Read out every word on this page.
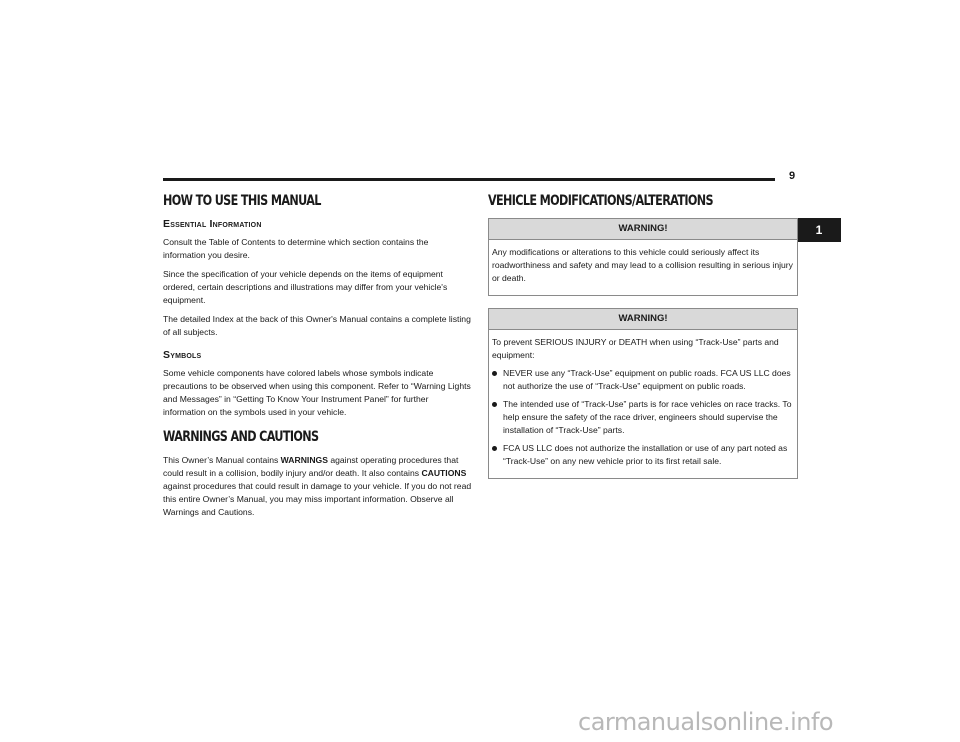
9
1
HOW TO USE THIS MANUAL
Essential Information

Consult the Table of Contents to determine which section contains the information you desire.

Since the specification of your vehicle depends on the items of equipment ordered, certain descriptions and illustrations may differ from your vehicle's equipment.

The detailed Index at the back of this Owner's Manual contains a complete listing of all subjects.

Symbols

Some vehicle components have colored labels whose symbols indicate precautions to be observed when using this component. Refer to “Warning Lights and Messages” in “Getting To Know Your Instrument Panel” for further information on the symbols used in your vehicle.

WARNINGS AND CAUTIONS

This Owner’s Manual contains WARNINGS against operating procedures that could result in a collision, bodily injury and/or death. It also contains CAUTIONS against procedures that could result in damage to your vehicle. If you do not read this entire Owner’s Manual, you may miss important information. Observe all Warnings and Cautions.

VEHICLE MODIFICATIONS/ALTERATIONS
WARNING!

Any modifications or alterations to this vehicle could seriously affect its roadworthiness and safety and may lead to a collision resulting in serious injury or death.

WARNING!

To prevent SERIOUS INJURY or DEATH when using “Track-Use” parts and equipment:

NEVER use any “Track-Use” equipment on public roads. FCA US LLC does not authorize the use of “Track-Use” equipment on public roads.
The intended use of “Track-Use” parts is for race vehicles on race tracks. To help ensure the safety of the race driver, engineers should supervise the installation of “Track-Use” parts.
FCA US LLC does not authorize the installation or use of any part noted as “Track-Use” on any new vehicle prior to its first retail sale.
carmanualsonline.info
